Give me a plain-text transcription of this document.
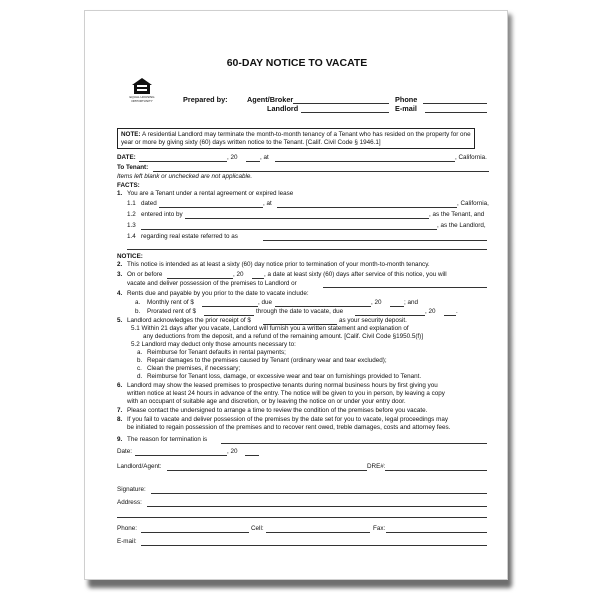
60-DAY NOTICE TO VACATE
EQUAL HOUSING OPPORTUNITY	Prepared by:	Agent/Broker
Landlord
Phone
E-mail
NOTE: A residential Landlord may terminate the month-to-month tenancy of a Tenant who has resided on the property for one year or more by giving sixty (60) days written notice to the Tenant. [Calif. Civil Code § 1946.1]
DATE:	, 20	, at	, California.
To Tenant:
Items left blank or unchecked are not applicable.
FACTS:
1. You are a Tenant under a rental agreement or expired lease
1.1 dated	, at	, California,
1.2 entered into by	, as the Tenant, and
1.3	, as the Landlord,
1.4 regarding real estate referred to as
NOTICE:
2. This notice is intended as at least a sixty (60) day notice prior to termination of your month-to-month tenancy.
3. On or before	, 20	, a date at least sixty (60) days after service of this notice, you will
vacate and deliver possession of the premises to Landlord or
4. Rents due and payable by you prior to the date to vacate include:
a. Monthly rent of $	, due	, 20	; and
b. Prorated rent of $	through the date to vacate, due	, 20	.
5. Landlord acknowledges the prior receipt of $	as your security deposit.
5.1 Within 21 days after you vacate, Landlord will furnish you a written statement and explanation of
any deductions from the deposit, and a refund of the remaining amount. [Calif. Civil Code §1950.5(f)]
5.2 Landlord may deduct only those amounts necessary to:
a. Reimburse for Tenant defaults in rental payments;
b. Repair damages to the premises caused by Tenant (ordinary wear and tear excluded);
c. Clean the premises, if necessary;
d. Reimburse for Tenant loss, damage, or excessive wear and tear on furnishings provided to Tenant.
6. Landlord may show the leased premises to prospective tenants during normal business hours by first giving you
written notice at least 24 hours in advance of the entry. The notice will be given to you in person, by leaving a copy
with an occupant of suitable age and discretion, or by leaving the notice on or under your entry door.
7. Please contact the undersigned to arrange a time to review the condition of the premises before you vacate.
8. If you fail to vacate and deliver possession of the premises by the date set for you to vacate, legal proceedings may
be initiated to regain possession of the premises and to recover rent owed, treble damages, costs and attorney fees.
9. The reason for termination is
Date:	, 20
Landlord/Agent:	DRE#:
Signature:
Address:
Phone:	Cell:	Fax:
E-mail:
